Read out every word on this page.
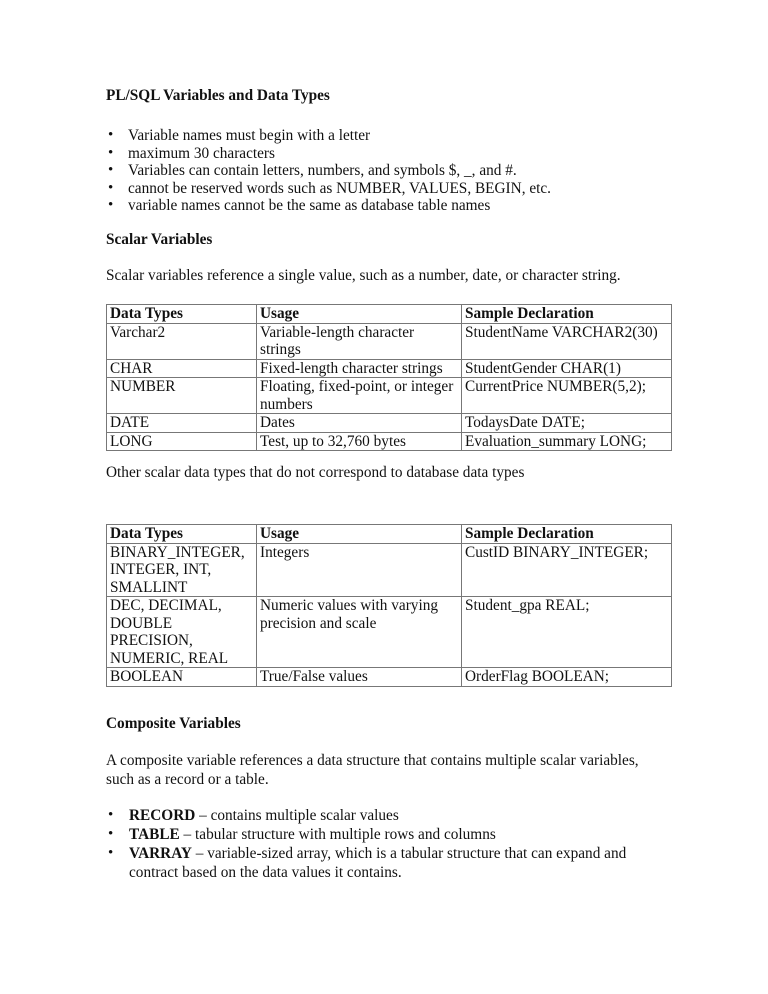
PL/SQL Variables and Data Types
• Variable names must begin with a letter
• maximum 30 characters
• Variables can contain letters, numbers, and symbols $, _, and #.
• cannot be reserved words such as NUMBER, VALUES, BEGIN, etc.
• variable names cannot be the same as database table names
Scalar Variables
Scalar variables reference a single value, such as a number, date, or character string.
Data Types	Usage	Sample Declaration
Varchar2	Variable-length character strings	StudentName VARCHAR2(30)
CHAR	Fixed-length character strings	StudentGender CHAR(1)
NUMBER	Floating, fixed-point, or integer numbers	CurrentPrice NUMBER(5,2);
DATE	Dates	TodaysDate DATE;
LONG	Test, up to 32,760 bytes	Evaluation_summary LONG;
Other scalar data types that do not correspond to database data types
Data Types	Usage	Sample Declaration
BINARY_INTEGER, INTEGER, INT, SMALLINT	Integers	CustID BINARY_INTEGER;
DEC, DECIMAL, DOUBLE PRECISION, NUMERIC, REAL	Numeric values with varying precision and scale	Student_gpa REAL;
BOOLEAN	True/False values	OrderFlag BOOLEAN;
Composite Variables
A composite variable references a data structure that contains multiple scalar variables, such as a record or a table.
• RECORD – contains multiple scalar values
• TABLE – tabular structure with multiple rows and columns
• VARRAY – variable-sized array, which is a tabular structure that can expand and contract based on the data values it contains.
